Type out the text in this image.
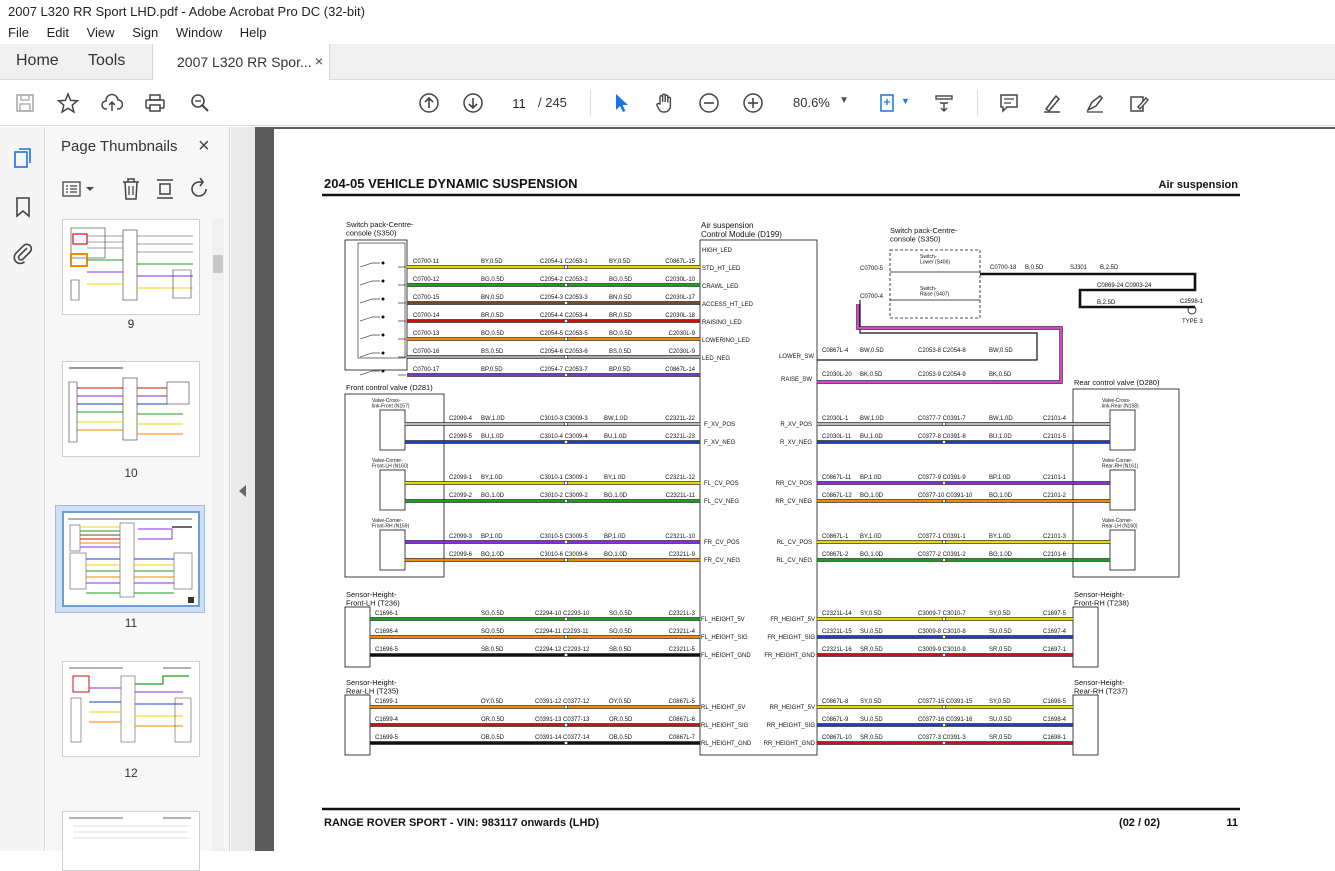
2007 L320 RR Sport LHD.pdf - Adobe Acrobat Pro DC (32-bit)
File Edit View Sign Window Help
Home Tools	2007 L320 RR Spor... ×
11
/ 245	80.6% ▼	▼
Page Thumbnails ×
9
10
11
12
204-05 VEHICLE DYNAMIC SUSPENSION	Air suspension
RANGE ROVER SPORT - VIN: 983117 onwards (LHD)	(02 / 02)	11
Air suspension Control Module (D199)
Switch pack-Centre-console (S350)
C0700-11	BY,0.5D	C2054-1 C2053-1	BY,0.5D	C0867L-15
HIGH_LED
C0700-12	BG,0.5D	C2054-2 C2053-2	BG,0.5D	C2030L-10
STD_HT_LED
C0700-15	BN,0.5D	C2054-3 C2053-3	BN,0.5D	C2030L-17
CRAWL_LED
C0700-14	BR,0.5D	C2054-4 C2053-4	BR,0.5D	C2030L-18
ACCESS_HT_LED
C0700-13	BO,0.5D	C2054-5 C2053-5	BO,0.5D	C2030L-9
RAISING_LED
C0700-16	BS,0.5D	C2054-6 C2053-6	BS,0.5D	C2030L-9
LOWERING_LED
C0700-17	BP,0.5D	C2054-7 C2053-7	BP,0.5D	C0867L-14
LED_NEG
Switch pack-Centre-console (S350)
Switch-Lower (S406)
Switch-Raise (S407)
C0700-5
C0700-4
C0700-18 B,0.5D	SJ301 B,2.5D
C0869-24 C0903-24
B,2.5D	C2598-1
TYPE 3
LOWER_SW
C0867L-4 BW,0.5D	C2053-8 C2054-8	BW,0.5D
RAISE_SW
C2030L-20 BK,0.5D	C2053-9 C2054-9	BK,0.5D
Front control valve (D281)
Valve-Cross-link-Front (N157)
Valve-Corner-Front-LH (N160)
Valve-Corner-Front-RH (N159)
C2099-4 BW,1.0D	C3010-3 C3009-3	BW,1.0D	C2321L-22
F_XV_POS
C2099-5 BU,1.0D	C3010-4 C3009-4	BU,1.0D	C2321L-23
F_XV_NEG
C2099-1 BY,1.0D	C3010-1 C3009-1	BY,1.0D	C2321L-12
FL_CV_POS
C2099-2 BG,1.0D	C3010-2 C3009-2	BG,1.0D	C2321L-11
FL_CV_NEG
C2099-3 BP,1.0D	C3010-5 C3009-5	BP,1.0D	C2321L-10
FR_CV_POS
C2099-6 BO,1.0D	C3010-6 C3009-6	BO,1.0D	C2321L-9
FR_CV_NEG
Rear control valve (D280)
Valve-Cross-link-Rear (N158)
Valve-Corner-Rear-RH (N161)
Valve-Corner-Rear-LH (N160)
R_XV_POS
C2030L-1 BW,1.0D	C0377-7 C0391-7	BW,1.0D	C2101-4
R_XV_NEG
C2030L-11 BU,1.0D	C0377-8 C0391-8	BU,1.0D	C2101-5
RR_CV_POS
C0867L-11 BP,1.0D	C0377-9 C0391-9	BP,1.0D	C2101-1
RR_CV_NEG
C0867L-12 BO,1.0D	C0377-10 C0391-10	BO,1.0D	C2101-2
RL_CV_POS
C0867L-1 BY,1.0D	C0377-1 C0391-1	BY,1.0D	C2101-3
RL_CV_NEG
C0867L-2 BG,1.0D	C0377-2 C0391-2	BG,1.0D	C2101-6
Sensor-Height-Front-LH (T236)
C1696-1	SG,0.5D	C2294-10 C2293-10	SG,0.5D	C2321L-3
FL_HEIGHT_5V
C1696-4	SO,0.5D	C2294-11 C2293-11	SO,0.5D	C2321L-4
FL_HEIGHT_SIG
C1696-5	SB,0.5D	C2294-12 C2293-12	SB,0.5D	C2321L-5
FL_HEIGHT_GND
Sensor-Height-Front-RH (T238)
FR_HEIGHT_5V
C2321L-14 SY,0.5D	C3009-7 C3010-7	SY,0.5D	C1697-5
FR_HEIGHT_SIG
C2321L-15 SU,0.5D	C3009-8 C3010-8	SU,0.5D	C1697-4
FR_HEIGHT_GND
C2321L-16 SR,0.5D	C3009-9 C3010-9	SR,0.5D	C1697-1
Sensor-Height-Rear-LH (T235)
C1699-1	OY,0.5D	C0391-12 C0377-12	OY,0.5D	C0867L-5
RL_HEIGHT_5V
C1699-4	OR,0.5D	C0391-13 C0377-13	OR,0.5D	C0867L-6
RL_HEIGHT_SIG
C1699-5	OB,0.5D	C0391-14 C0377-14	OB,0.5D	C0867L-7
RL_HEIGHT_GND
Sensor-Height-Rear-RH (T237)
RR_HEIGHT_5V
C0867L-8 SY,0.5D	C0377-15 C0391-15	SY,0.5D	C1698-5
RR_HEIGHT_SIG
C0867L-9 SU,0.5D	C0377-16 C0391-16	SU,0.5D	C1698-4
RR_HEIGHT_GND
C0867L-10 SR,0.5D	C0377-3 C0391-3	SR,0.5D	C1698-1
